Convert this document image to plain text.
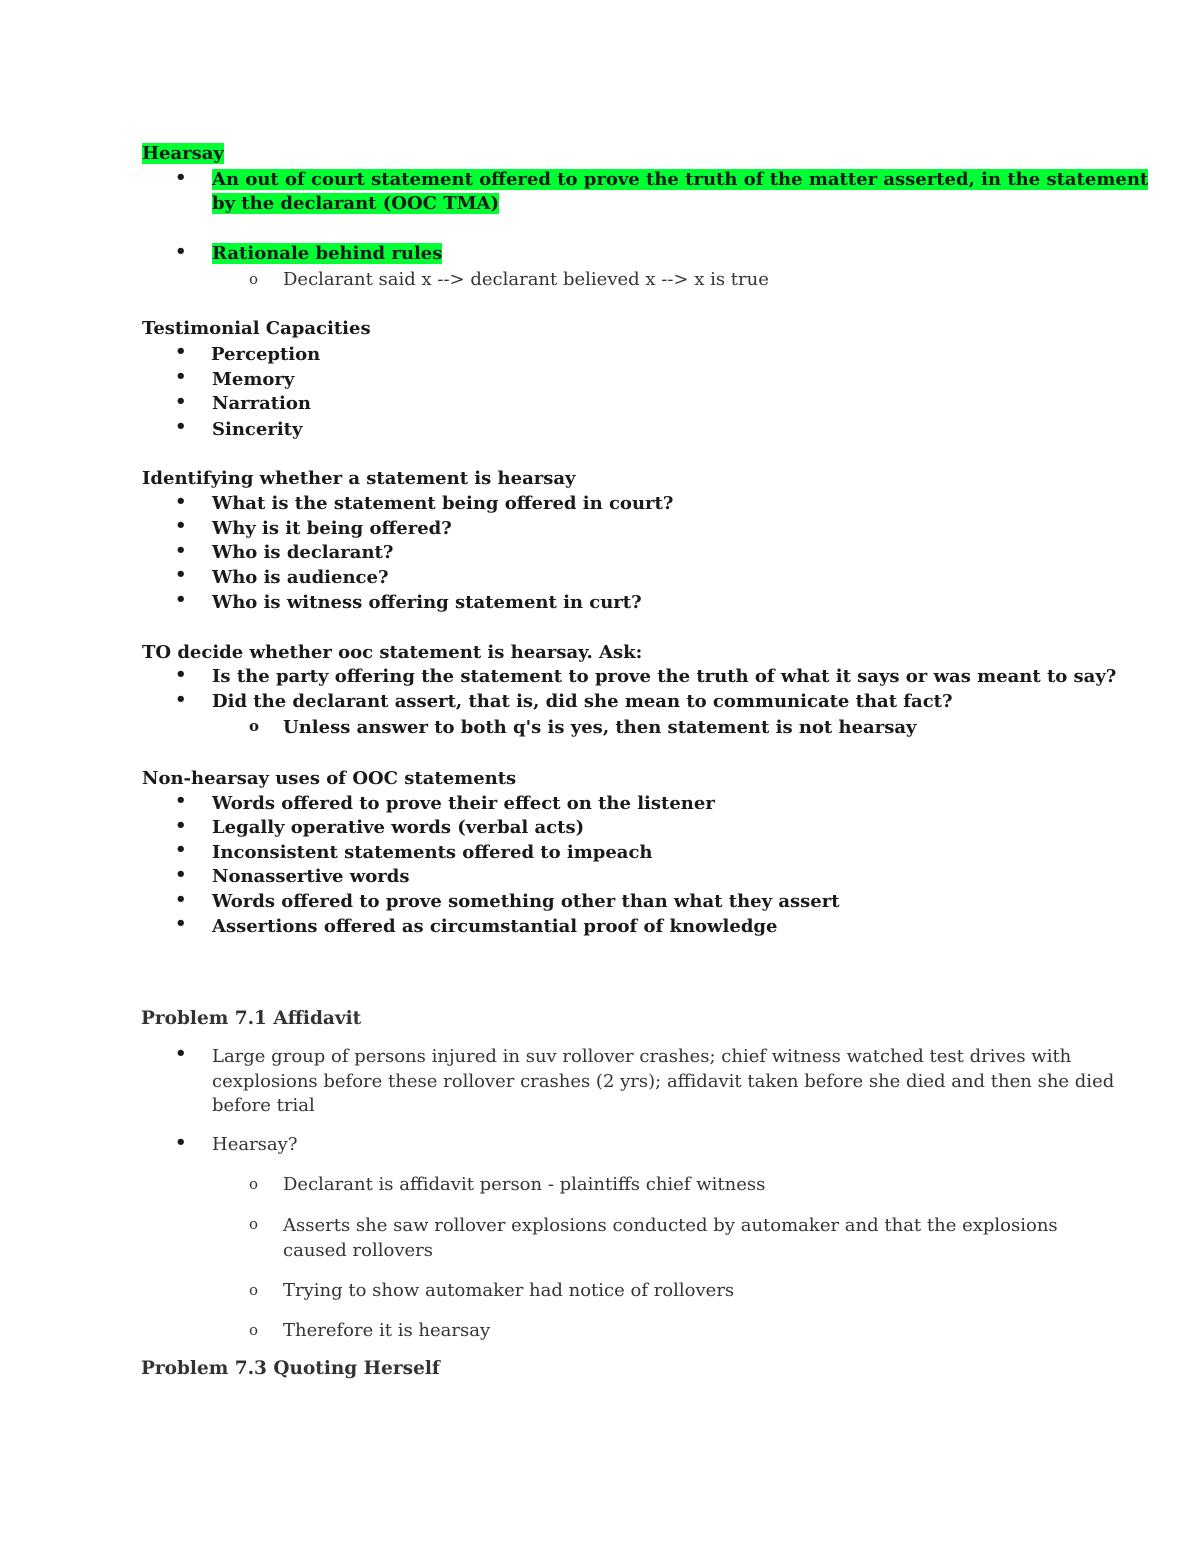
Hearsay
• An out of court statement offered to prove the truth of the matter asserted, in the statement
by the declarant (OOC TMA)
• Rationale behind rules
o Declarant said x --> declarant believed x --> x is true
Testimonial Capacities
• Perception
• Memory
• Narration
• Sincerity
Identifying whether a statement is hearsay
• What is the statement being offered in court?
• Why is it being offered?
• Who is declarant?
• Who is audience?
• Who is witness offering statement in curt?
TO decide whether ooc statement is hearsay. Ask:
• Is the party offering the statement to prove the truth of what it says or was meant to say?
• Did the declarant assert, that is, did she mean to communicate that fact?
o Unless answer to both q's is yes, then statement is not hearsay
Non-hearsay uses of OOC statements
• Words offered to prove their effect on the listener
• Legally operative words (verbal acts)
• Inconsistent statements offered to impeach
• Nonassertive words
• Words offered to prove something other than what they assert
• Assertions offered as circumstantial proof of knowledge
Problem 7.1 Affidavit
• Large group of persons injured in suv rollover crashes; chief witness watched test drives with
cexplosions before these rollover crashes (2 yrs); affidavit taken before she died and then she died
before trial
• Hearsay?
o Declarant is affidavit person - plaintiffs chief witness
o Asserts she saw rollover explosions conducted by automaker and that the explosions
caused rollovers
o Trying to show automaker had notice of rollovers
o Therefore it is hearsay
Problem 7.3 Quoting Herself
